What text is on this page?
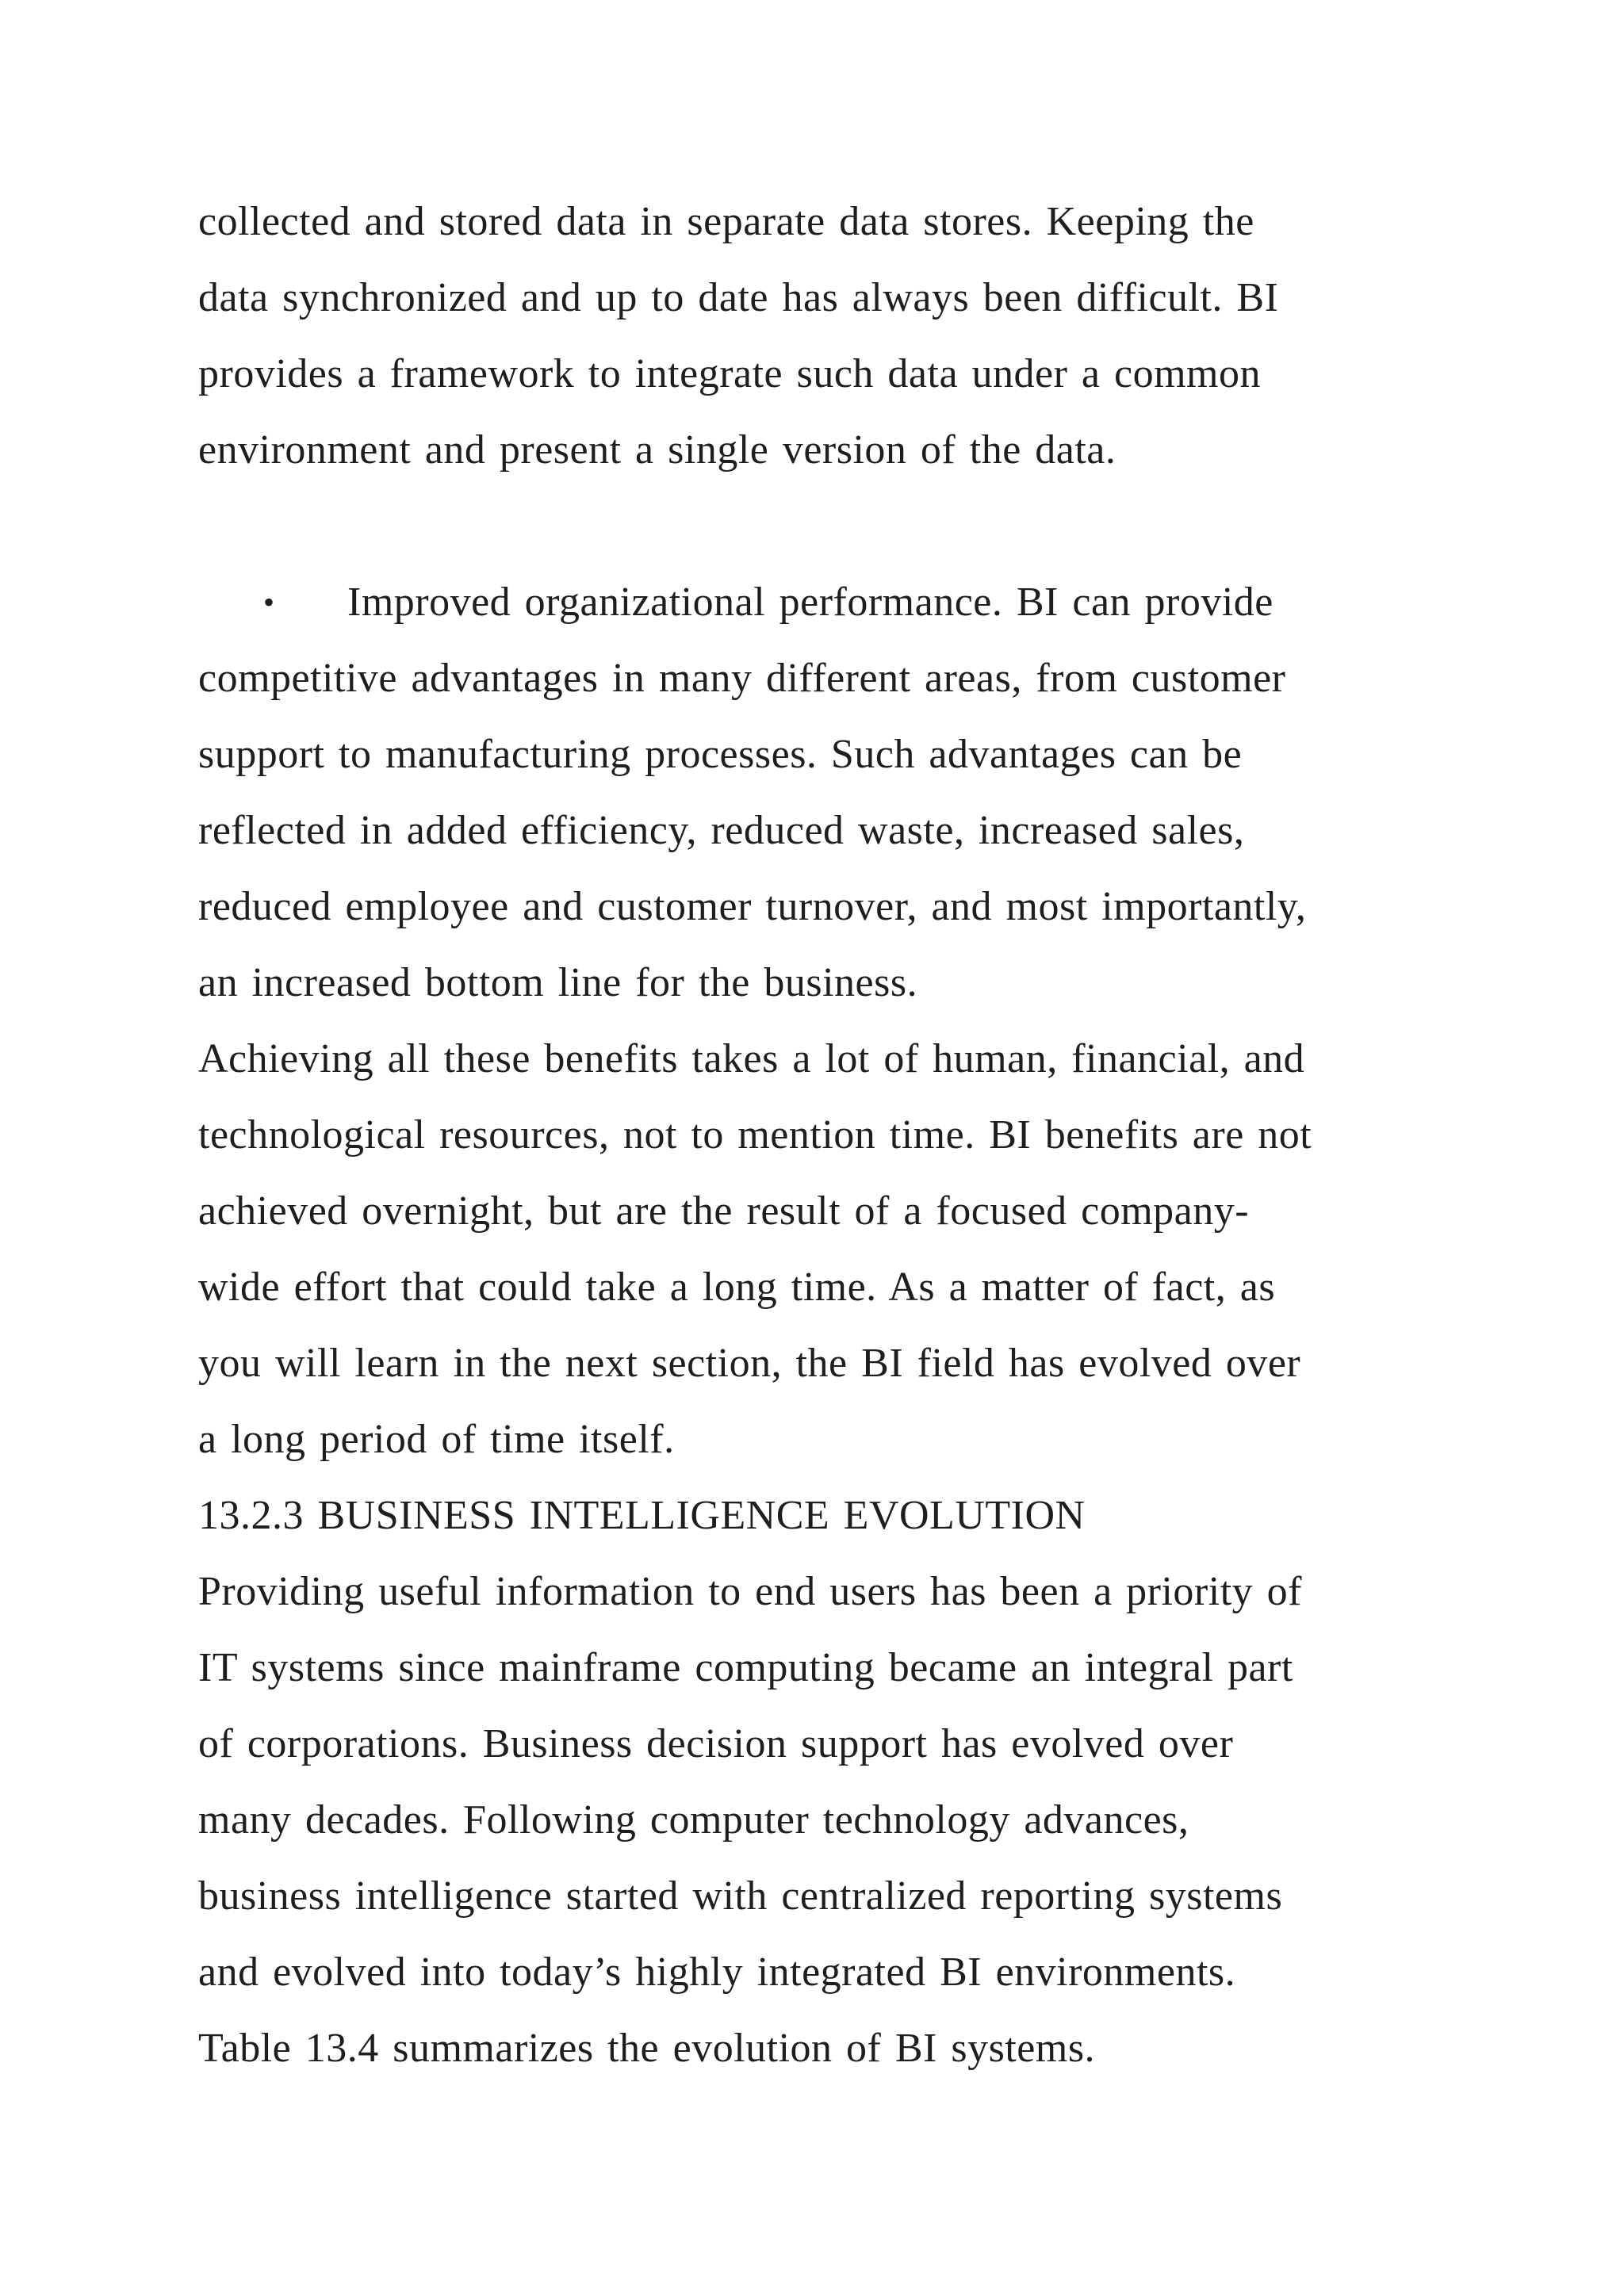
collected and stored data in separate data stores. Keeping the
data synchronized and up to date has always been difficult. BI
provides a framework to integrate such data under a common
environment and present a single version of the data.
• Improved organizational performance. BI can provide
competitive advantages in many different areas, from customer
support to manufacturing processes. Such advantages can be
reflected in added efficiency, reduced waste, increased sales,
reduced employee and customer turnover, and most importantly,
an increased bottom line for the business.
Achieving all these benefits takes a lot of human, financial, and
technological resources, not to mention time. BI benefits are not
achieved overnight, but are the result of a focused company-
wide effort that could take a long time. As a matter of fact, as
you will learn in the next section, the BI field has evolved over
a long period of time itself.
13.2.3 BUSINESS INTELLIGENCE EVOLUTION
Providing useful information to end users has been a priority of
IT systems since mainframe computing became an integral part
of corporations. Business decision support has evolved over
many decades. Following computer technology advances,
business intelligence started with centralized reporting systems
and evolved into today’s highly integrated BI environments.
Table 13.4 summarizes the evolution of BI systems.
